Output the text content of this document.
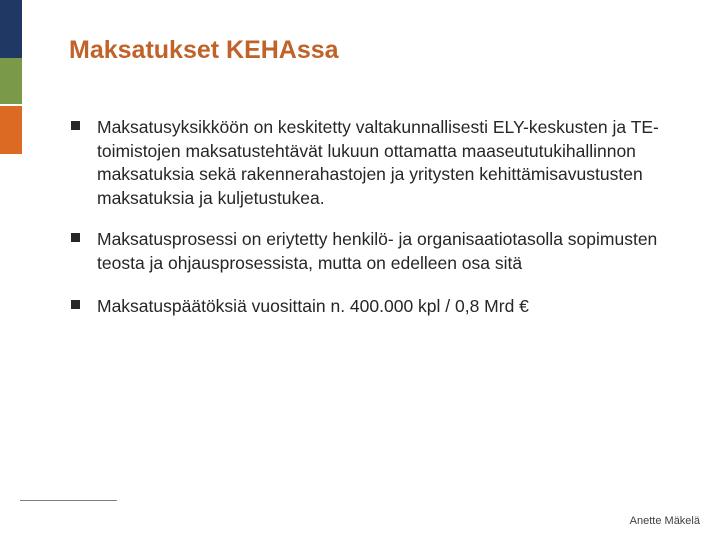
Maksatukset KEHAssa
Maksatusyksikköön on keskitetty valtakunnallisesti ELY-keskusten ja TE-toimistojen maksatustehtävät lukuun ottamatta maaseututukihallinnon maksatuksia sekä rakennerahastojen ja yritysten kehittämisavustusten maksatuksia ja kuljetustukea.
Maksatusprosessi on eriytetty henkilö- ja organisaatiotasolla sopimusten teosta ja ohjausprosessista, mutta on edelleen osa sitä
Maksatuspäätöksiä vuosittain n. 400.000 kpl / 0,8 Mrd €
Anette Mäkelä
